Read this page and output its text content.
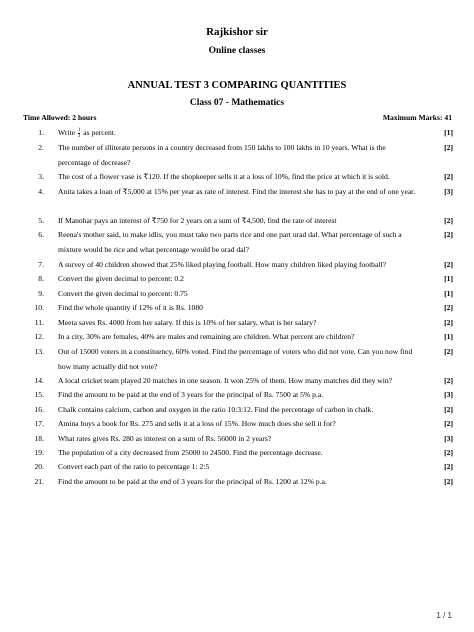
Rajkishor sir
Online classes
ANNUAL TEST 3 COMPARING QUANTITIES
Class 07 - Mathematics
Time Allowed: 2 hours	Maximum Marks: 41
1. Write $\frac{1}{3}$ as percent.	[1]
2. The number of illiterate persons in a country decreased from 150 lakhs to 100 lakhs in 10 years. What is the percentage of decrease?
[2]
3. The cost of a flower vase is ₹120. If the shopkeeper sells it at a loss of 10%, find the price at which it is sold.	[2]
4. Anita takes a loan of ₹5,000 at 15% per year as rate of interest. Find the interest she has to pay at the end of one year.	[3]
5. If Manohar pays an interest of ₹750 for 2 years on a sum of ₹4,500, find the rate of interest	[2]
6. Reena's mother said, to make idlis, you must take two parts rice and one part urad dal. What percentage of such a mixture would be rice and what percentage would be urad dal?
[2]
7. A survey of 40 children showed that 25% liked playing football. How many children liked playing football?	[2]
8. Convert the given decimal to percent: 0.2	[1]
9. Convert the given decimal to percent: 0.75	[1]
10. Find the whole quantity if 12% of it is Rs. 1080	[2]
11. Meeta saves Rs. 4000 from her salary. If this is 10% of her salary, what is her salary?	[2]
12. In a city, 30% are females, 40% are males and remaining are children. What percent are children?	[1]
13. Out of 15000 voters in a constituency, 60% voted. Find the percentage of voters who did not vote. Can you now find how many actually did not vote?
[2]
14. A local cricket team played 20 matches in one season. It won 25% of them. How many matches did they win?	[2]
15. Find the amount to be paid at the end of 3 years for the principal of Rs. 7500 at 5% p.a.	[3]
16. Chalk contains calcium, carbon and oxygen in the ratio 10:3:12. Find the percentage of carbon in chalk.	[2]
17. Amina buys a book for Rs. 275 and sells it at a loss of 15%. How much does she sell it for?	[2]
18. What rates gives Rs. 280 as interest on a sum of Rs. 56000 in 2 years?	[3]
19. The population of a city decreased from 25000 to 24500. Find the percentage decrease.	[2]
20. Convert each part of the ratio to percentage 1: 2:5	[2]
21. Find the amount to be paid at the end of 3 years for the principal of Rs. 1200 at 12% p.a.	[2]
1 / 1
